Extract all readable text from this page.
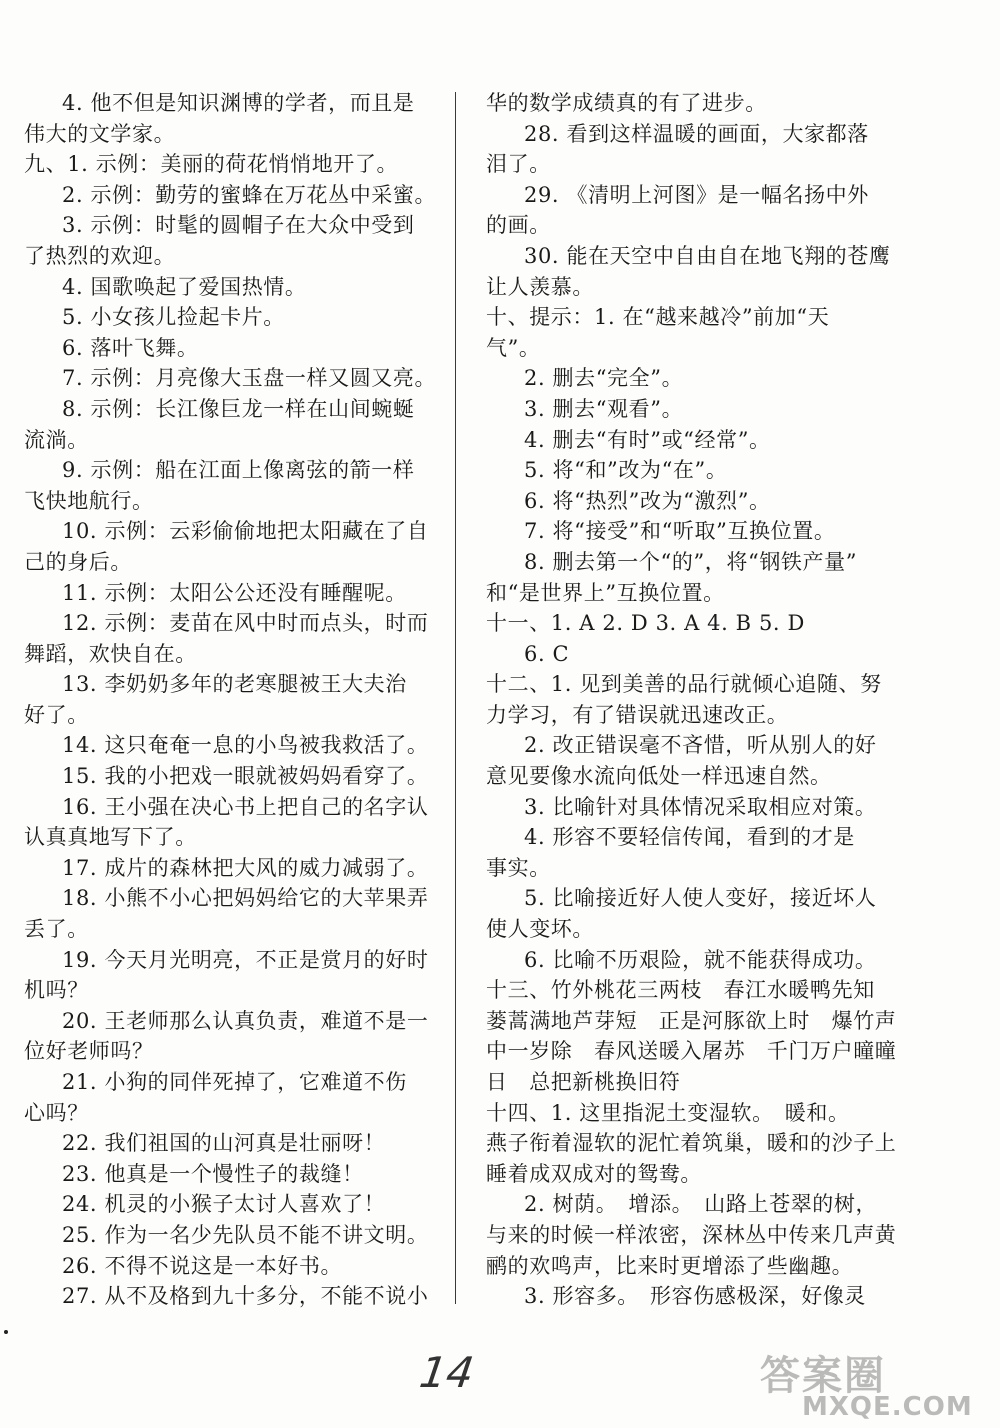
4. 他不但是知识渊博的学者，而且是
伟大的文学家。
九、1. 示例：美丽的荷花悄悄地开了。
2. 示例：勤劳的蜜蜂在万花丛中采蜜。
3. 示例：时髦的圆帽子在大众中受到
了热烈的欢迎。
4. 国歌唤起了爱国热情。
5. 小女孩儿捡起卡片。
6. 落叶飞舞。
7. 示例：月亮像大玉盘一样又圆又亮。
8. 示例：长江像巨龙一样在山间蜿蜒
流淌。
9. 示例：船在江面上像离弦的箭一样
飞快地航行。
10. 示例：云彩偷偷地把太阳藏在了自
己的身后。
11. 示例：太阳公公还没有睡醒呢。
12. 示例：麦苗在风中时而点头，时而
舞蹈，欢快自在。
13. 李奶奶多年的老寒腿被王大夫治
好了。
14. 这只奄奄一息的小鸟被我救活了。
15. 我的小把戏一眼就被妈妈看穿了。
16. 王小强在决心书上把自己的名字认
认真真地写下了。
17. 成片的森林把大风的威力减弱了。
18. 小熊不小心把妈妈给它的大苹果弄
丢了。
19. 今天月光明亮，不正是赏月的好时
机吗？
20. 王老师那么认真负责，难道不是一
位好老师吗？
21. 小狗的同伴死掉了，它难道不伤
心吗？
22. 我们祖国的山河真是壮丽呀！
23. 他真是一个慢性子的裁缝！
24. 机灵的小猴子太讨人喜欢了！
25. 作为一名少先队员不能不讲文明。
26. 不得不说这是一本好书。
27. 从不及格到九十多分，不能不说小
华的数学成绩真的有了进步。
28. 看到这样温暖的画面，大家都落
泪了。
29. 《清明上河图》是一幅名扬中外
的画。
30. 能在天空中自由自在地飞翔的苍鹰
让人羡慕。
十、提示：1. 在“越来越冷”前加“天
气”。
2. 删去“完全”。
3. 删去“观看”。
4. 删去“有时”或“经常”。
5. 将“和”改为“在”。
6. 将“热烈”改为“激烈”。
7. 将“接受”和“听取”互换位置。
8. 删去第一个“的”，将“钢铁产量”
和“是世界上”互换位置。
十一、1. A 2. D 3. A 4. B 5. D
6. C
十二、1. 见到美善的品行就倾心追随、努
力学习，有了错误就迅速改正。
2. 改正错误毫不吝惜，听从别人的好
意见要像水流向低处一样迅速自然。
3. 比喻针对具体情况采取相应对策。
4. 形容不要轻信传闻，看到的才是
事实。
5. 比喻接近好人使人变好，接近坏人
使人变坏。
6. 比喻不历艰险，就不能获得成功。
十三、竹外桃花三两枝　春江水暖鸭先知
蒌蒿满地芦芽短　正是河豚欲上时　爆竹声
中一岁除　春风送暖入屠苏　千门万户曈曈
日　总把新桃换旧符
十四、1. 这里指泥土变湿软。　暖和。
燕子衔着湿软的泥忙着筑巢，暖和的沙子上
睡着成双成对的鸳鸯。
2. 树荫。　增添。　山路上苍翠的树，
与来的时候一样浓密，深林丛中传来几声黄
鹂的欢鸣声，比来时更增添了些幽趣。
3. 形容多。　形容伤感极深，好像灵
14	答案圈
MXQE.COM
